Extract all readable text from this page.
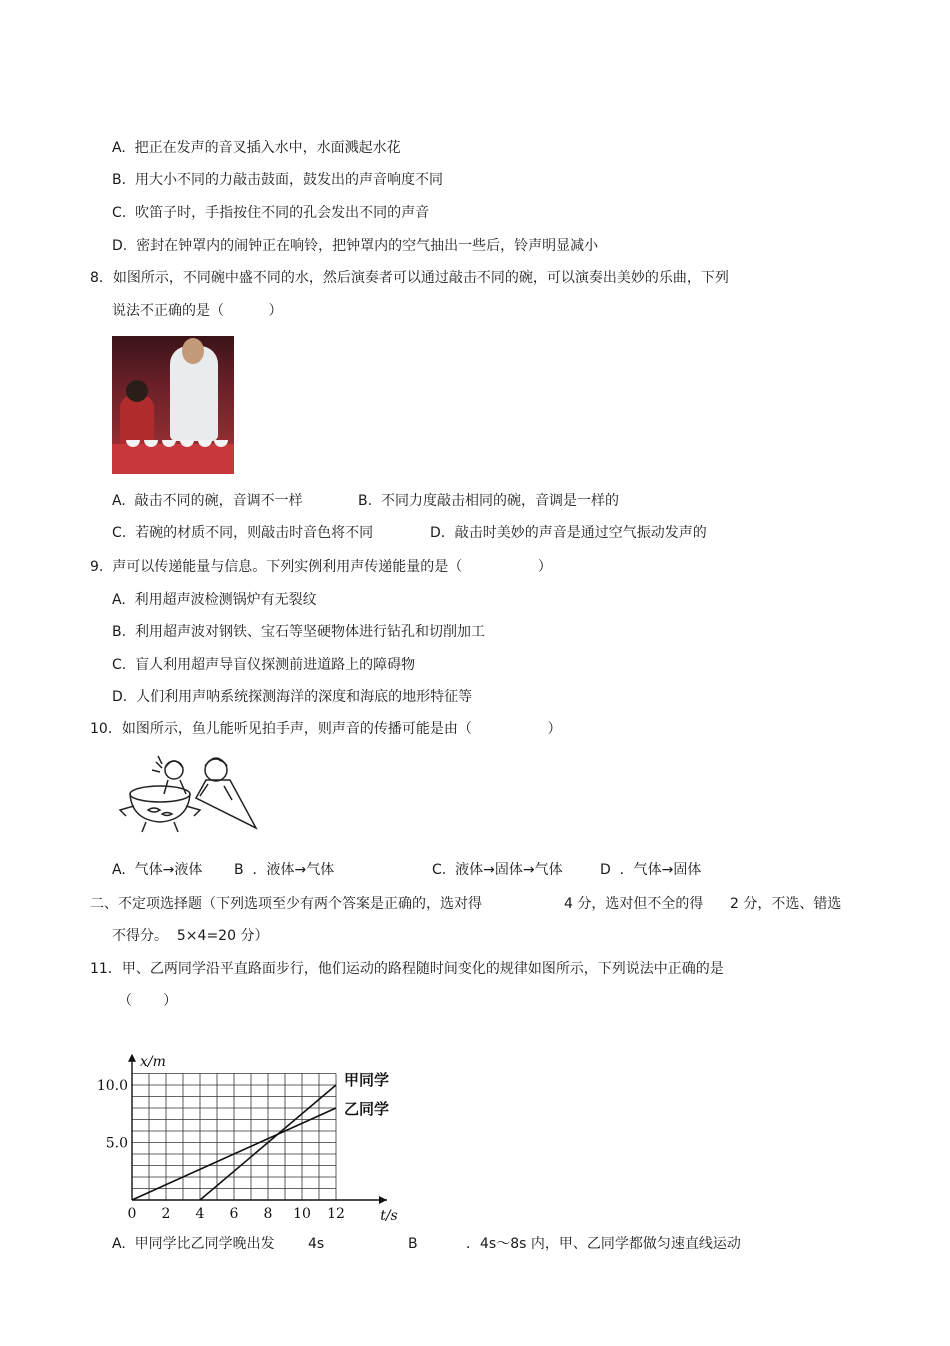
A.  把正在发声的音叉插入水中，水面溅起水花
B.  用大小不同的力敲击鼓面，鼓发出的声音响度不同
C.  吹笛子时，手指按住不同的孔会发出不同的声音
D.  密封在钟罩内的闹钟正在响铃，把钟罩内的空气抽出一些后，铃声明显减小
8．如图所示，不同碗中盛不同的水，然后演奏者可以通过敲击不同的碗，可以演奏出美妙的乐曲，下列
说法不正确的是（          ）
A.  敲击不同的碗，音调不一样	B.  不同力度敲击相同的碗，音调是一样的
C.  若碗的材质不同，则敲击时音色将不同	D．敲击时美妙的声音是通过空气振动发声的
9.  声可以传递能量与信息。下列实例利用声传递能量的是（                 ）
A.  利用超声波检测锅炉有无裂纹
B.  利用超声波对钢铁、宝石等坚硬物体进行钻孔和切削加工
C.  盲人利用超声导盲仪探测前进道路上的障碍物
D.  人们利用声呐系统探测海洋的深度和海底的地形特征等
10．如图所示，鱼儿能听见拍手声，则声音的传播可能是由（                 ）
A.  气体→液体 B  ．液体→气体	C.  液体→固体→气体	D  ．气体→固体
二、不定项选择题（下列选项至少有两个答案是正确的，选对得	4 分，选对但不全的得 2 分，不选、错选
不得分。  5×4=20 分）
11．甲、乙两同学沿平直路面步行，他们运动的路程随时间变化的规律如图所示，下列说法中正确的是
（       ）
x/m
t/s
0 2 4 6 8 10 12
5.0
10.0	甲同学
乙同学
A.  甲同学比乙同学晚出发 4s	B	．4s～8s 内，甲、乙同学都做匀速直线运动
